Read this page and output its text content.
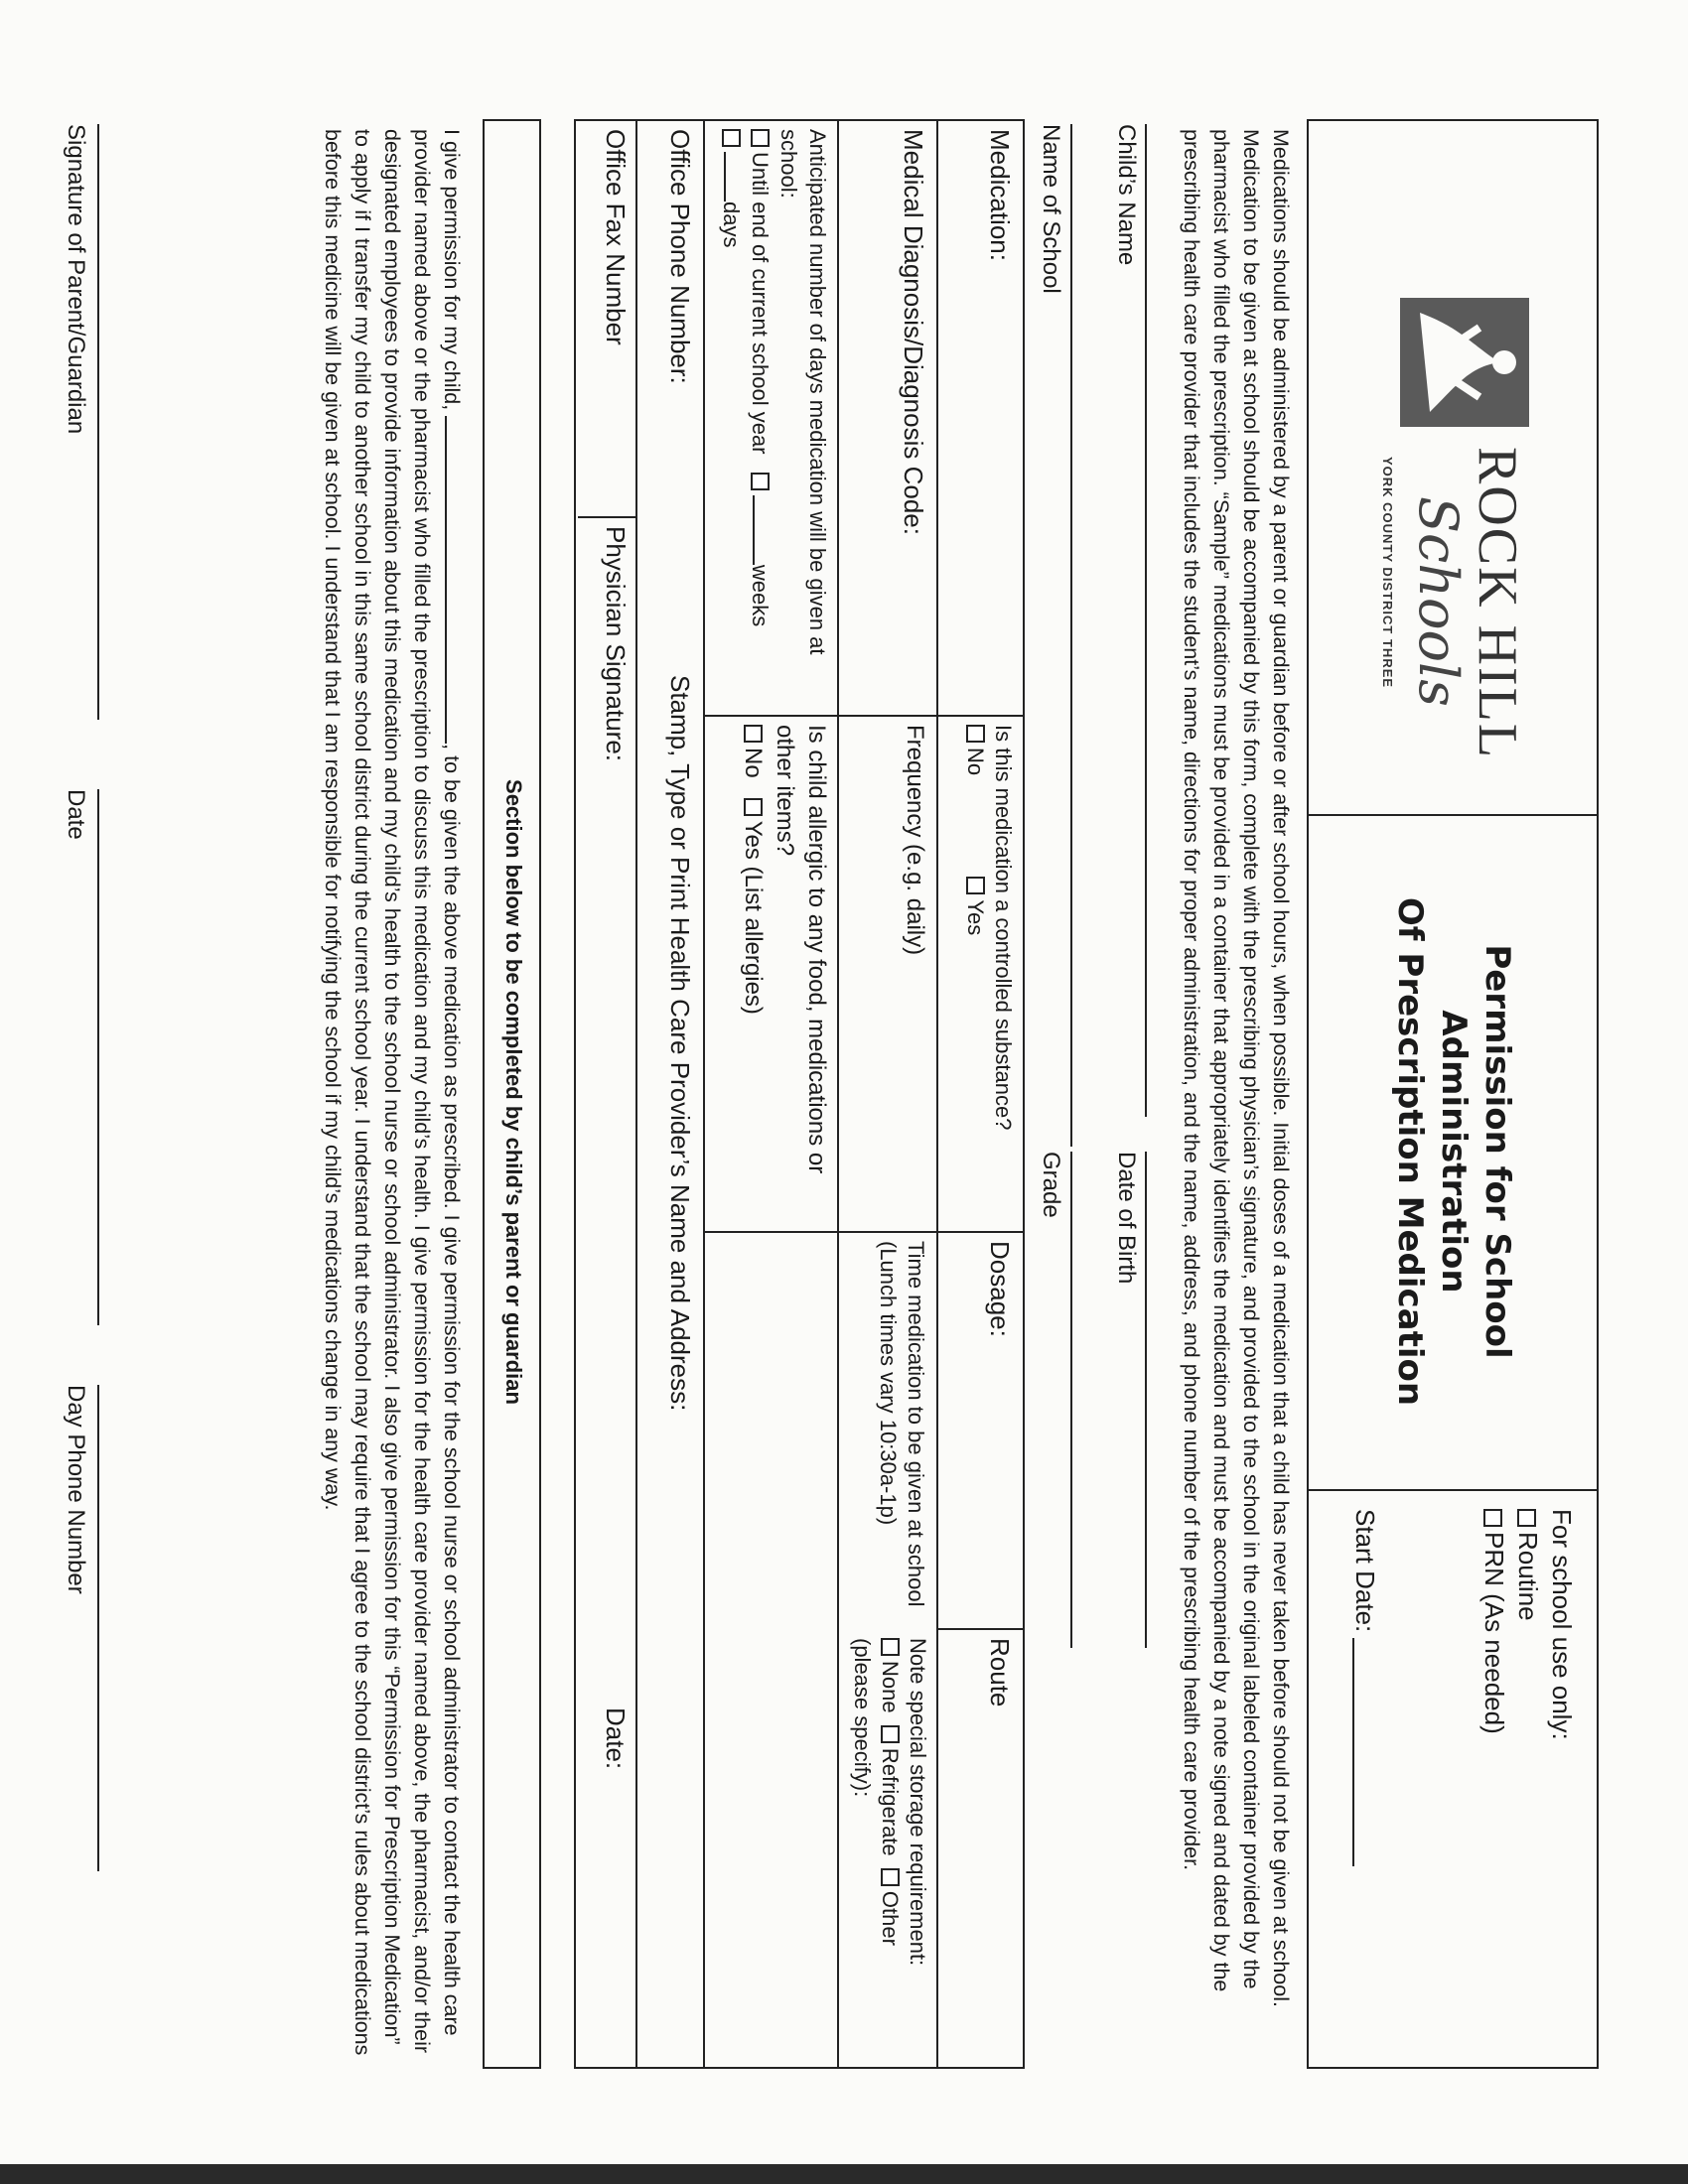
ROCK HILL
Schools
YORK COUNTY DISTRICT THREE
Permission for School Administration
Of Prescription Medication
For school use only:
Routine
PRN (As needed)
Start Date:

Medications should be administered by a parent or guardian before or after school hours, when possible. Initial doses of a medication that a child has never taken before should not be given at school. Medication to be given at school should be accompanied by this form, complete with the prescribing physician’s signature, and provided to the school in the original labeled container provided by the pharmacist who filled the prescription. “Sample” medications must be provided in a container that appropriately identifies the medication and must be accompanied by a note signed and dated by the prescribing health care provider that includes the student’s name, directions for proper administration, and the name, address, and phone number of the prescribing health care provider.

Child’s Name
Date of Birth
Name of School
Grade
Medication:
Is this medication a controlled substance?
No  Yes
Dosage:
Route
Medical Diagnosis/Diagnosis Code:
Frequency (e.g. daily)
Time medication to be given at school (Lunch times vary 10:30a-1p)
Note special storage requirement:
None  Refrigerate  Other
(please specify):
Anticipated number of days medication will be given at school:
Until end of current school year   weeks
days
Is child allergic to any food, medications or other items?
No   Yes (List allergies)
Office Phone Number:
Stamp, Type or Print Health Care Provider’s Name and Address:
Office Fax Number
Physician Signature:
Date:
Section below to be completed by child’s parent or guardian

I give permission for my child, , to be given the above medication as prescribed. I give permission for the school nurse or school administrator to contact the health care provider named above or the pharmacist who filled the prescription to discuss this medication and my child’s health. I give permission for the health care provider named above, the pharmacist, and/or their designated employees to provide information about this medication and my child’s health to the school nurse or school administrator. I also give permission for this “Permission for Prescription Medication” to apply if I transfer my child to another school in this same school district during the current school year. I understand that the school may require that I agree to the school district’s rules about medications before this medicine will be given at school. I understand that I am responsible for notifying the school if my child’s medications change in any way.

Signature of Parent/Guardian
Date
Day Phone Number
